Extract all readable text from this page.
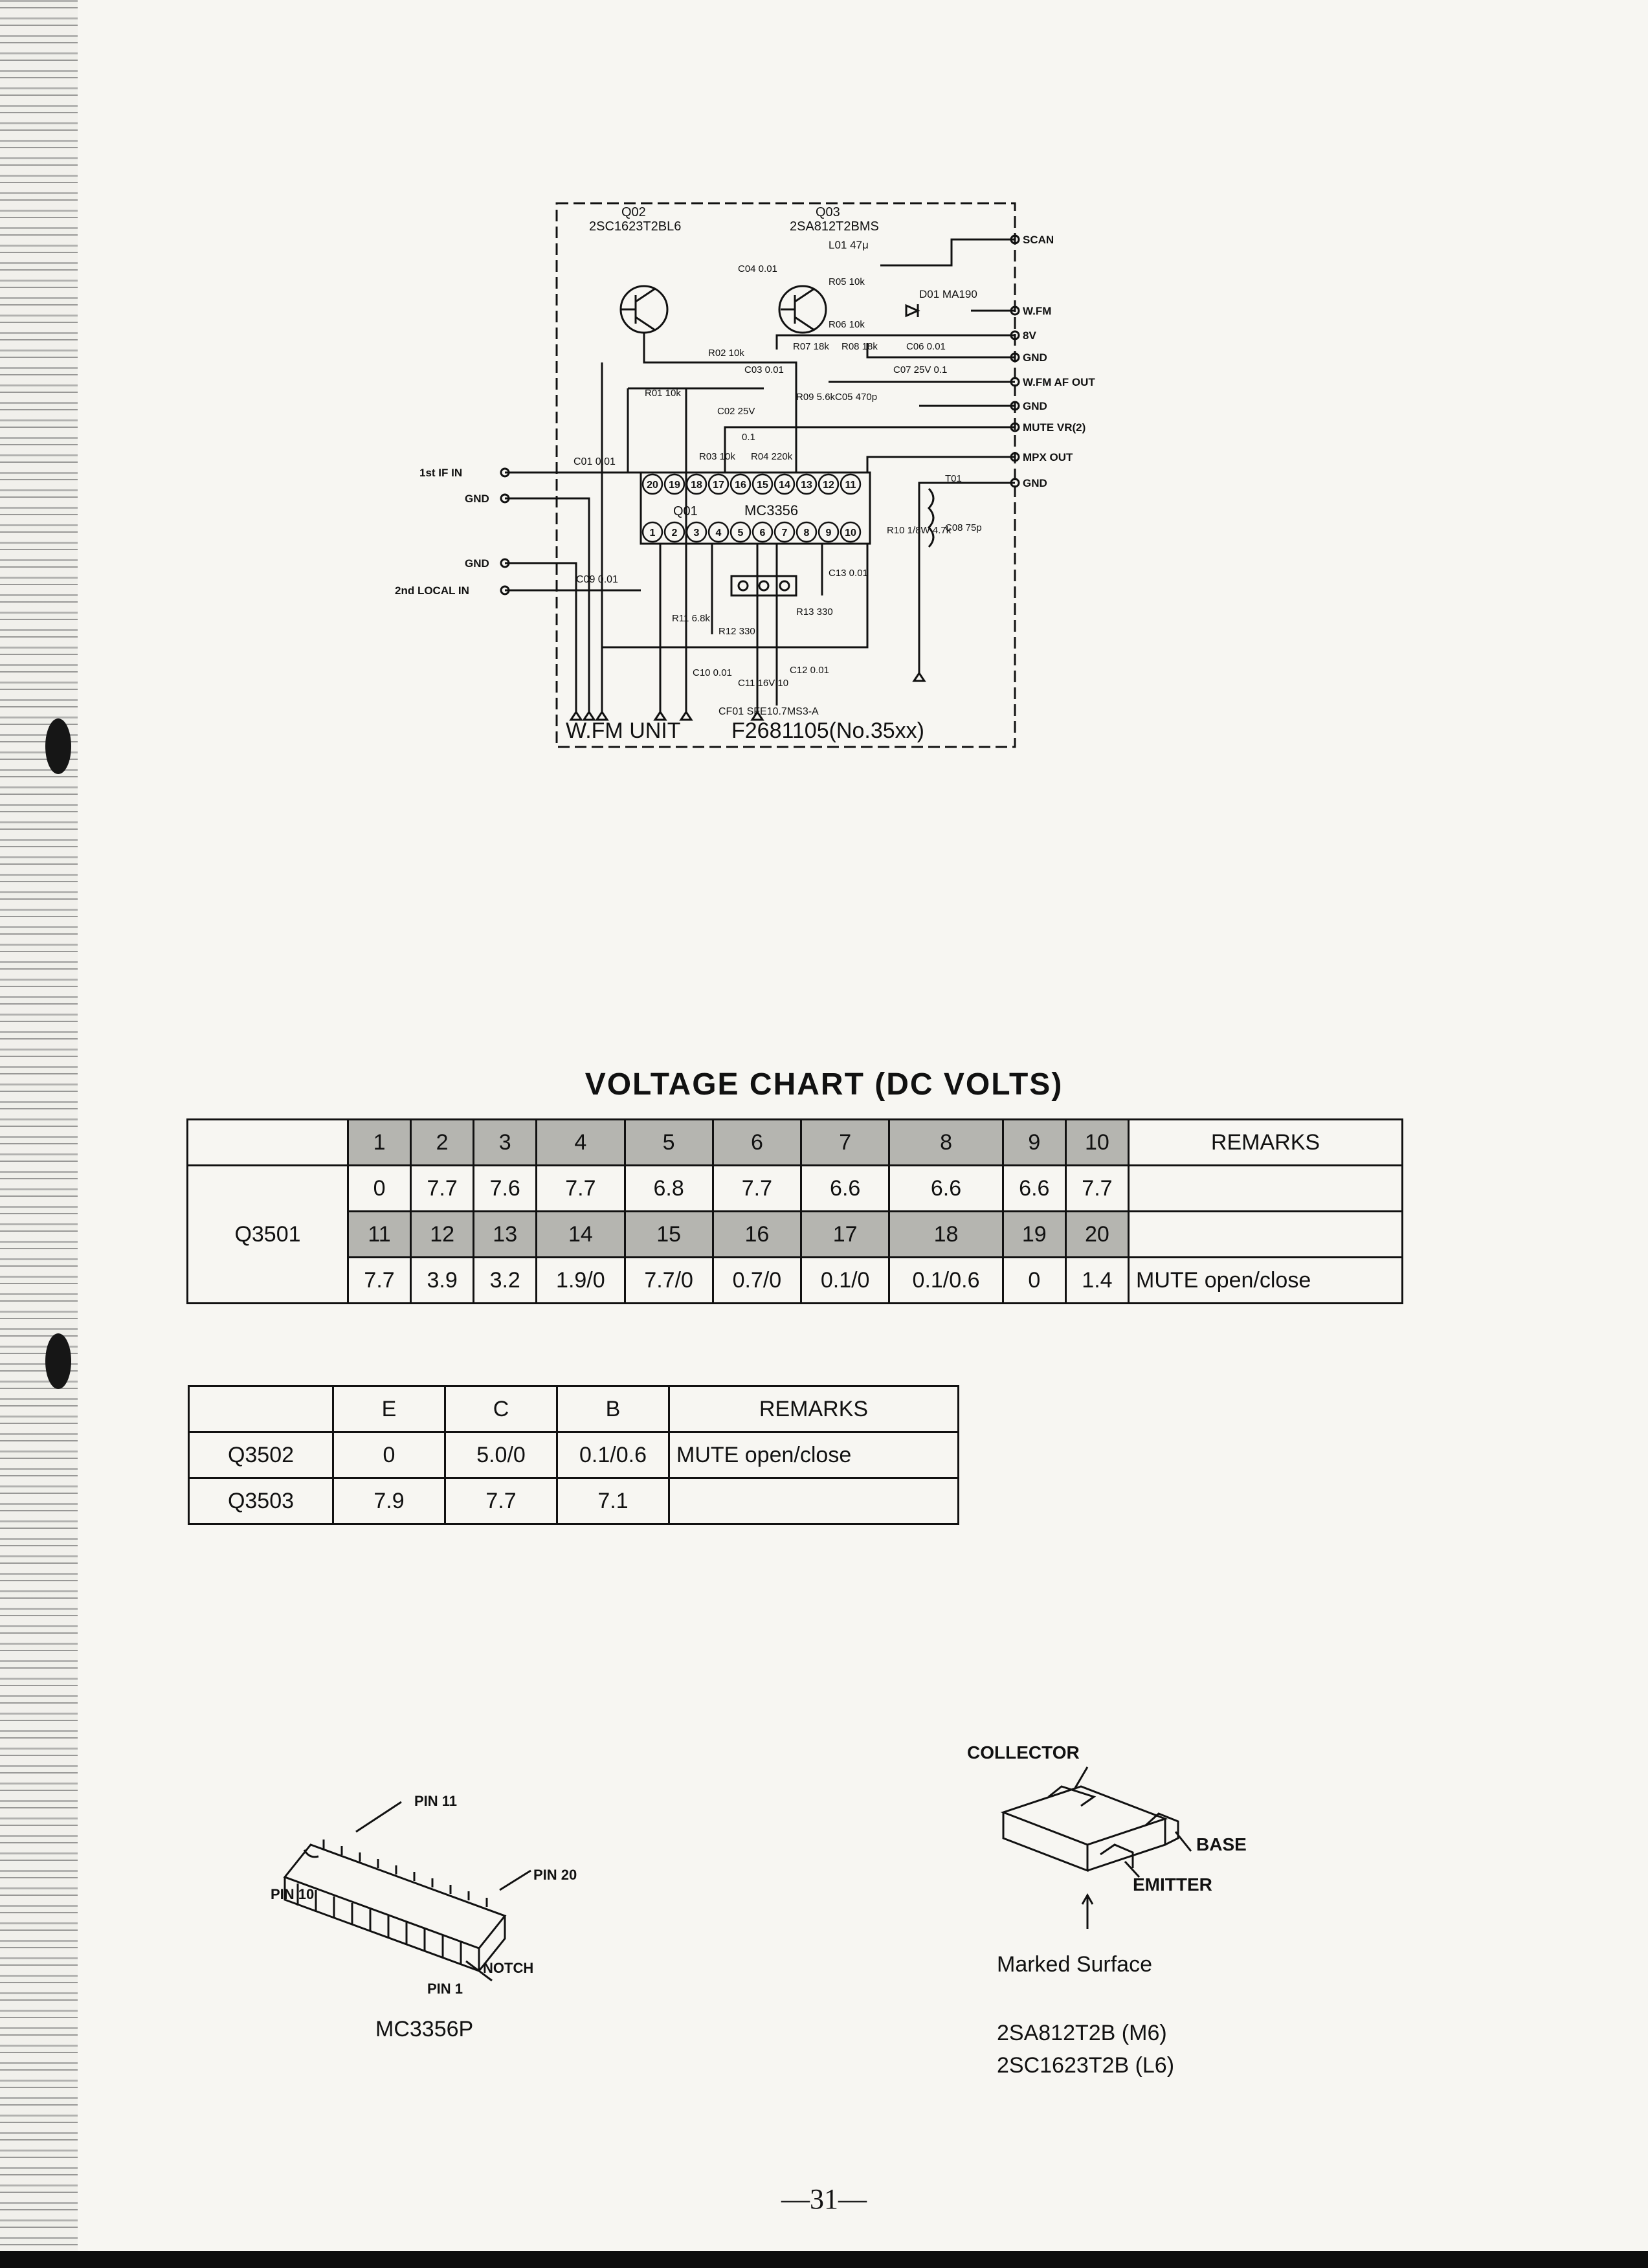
20 19 18 17 16 15 14 13 12 11
1 2 3 4 5 6 7 8 9 10
Q02
2SC1623T2BL6
Q03
2SA812T2BMS
L01 47μ
D01 MA190
C04 0.01
R05 10k
R06 10k
R02 10k
R07 18k R08 18k	C06 0.01
C03 0.01	C07 25V 0.1
R01 10k
C02 25V
R09 5.6k C05 470p
R03 10k R04 220k
0.1
C01 0.01
C09 0.01
Q01	MC3356
R10 1/8W 4.7k
T01
C08 75p
R11 6.8k
R12 330
R13 330
C13 0.01
C10 0.01
C11 16V 10
C12 0.01
CF01 SFE10.7MS3-A
W.FM UNIT F2681105(No.35xx)
SCAN
W.FM
8V
GND
W.FM AF OUT
GND
MUTE VR(2)
MPX OUT
GND
1st IF IN
GND
GND
2nd LOCAL IN
VOLTAGE CHART (DC VOLTS)
	1	2	3	4	5	6	7	8	9	10	REMARKS
Q3501	0	7.7	7.6	7.7	6.8	7.7	6.6	6.6	6.6	7.7	
	11	12	13	14	15	16	17	18	19	20	
	7.7	3.9	3.2	1.9/0	7.7/0	0.7/0	0.1/0	0.1/0.6	0	1.4	MUTE open/close
	E	C	B	REMARKS
Q3502	0	5.0/0	0.1/0.6	MUTE open/close
Q3503	7.9	7.7	7.1	
PIN 11
PIN 20
PIN 10
PIN 1
NOTCH
MC3356P
COLLECTOR
BASE
EMITTER
Marked Surface
2SA812T2B (M6)
2SC1623T2B (L6)
—31—
